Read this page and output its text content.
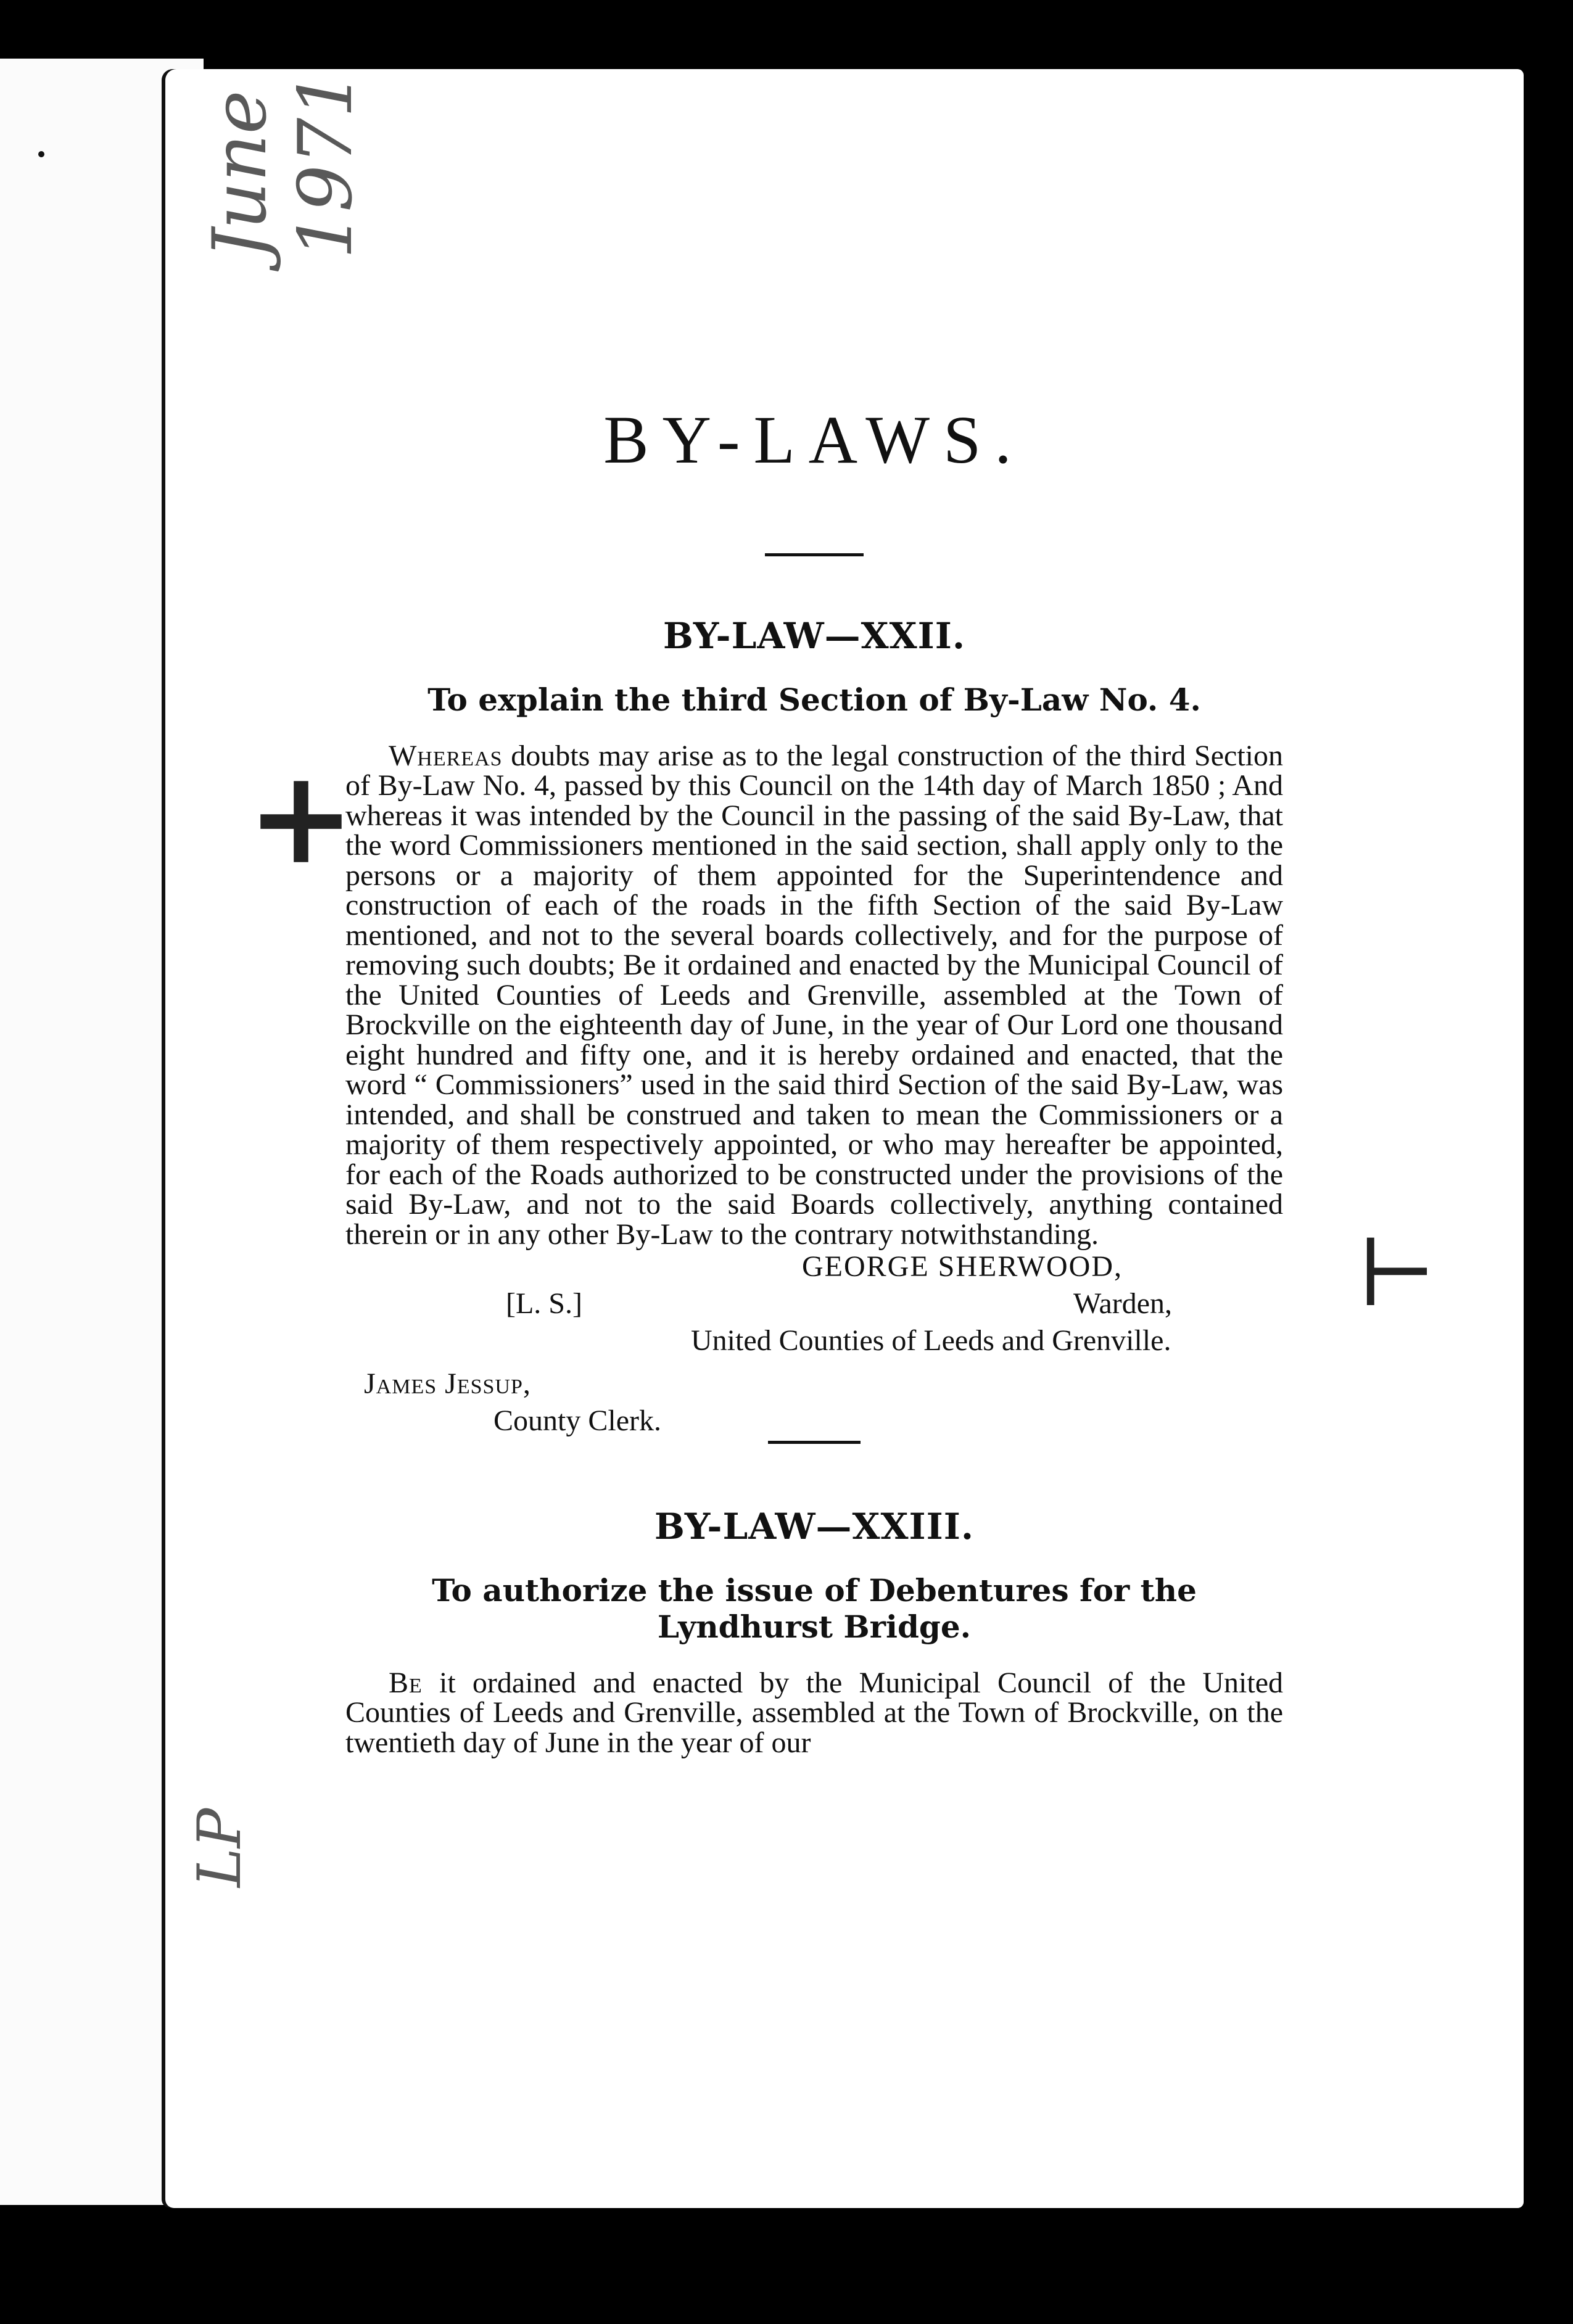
June 1971
LP
+
⊢
BY-LAWS.
BY-LAW—XXII.
To explain the third Section of By-Law No. 4.

Whereas doubts may arise as to the legal construction of the third Section of By-Law No. 4, passed by this Council on the 14th day of March 1850 ; And whereas it was intended by the Council in the passing of the said By-Law, that the word Commissioners mentioned in the said section, shall apply only to the persons or a majority of them appointed for the Superintendence and construction of each of the roads in the fifth Section of the said By-Law mentioned, and not to the several boards collectively, and for the purpose of removing such doubts; Be it ordained and enacted by the Municipal Council of the United Counties of Leeds and Grenville, assembled at the Town of Brockville on the eighteenth day of June, in the year of Our Lord one thousand eight hundred and fifty one, and it is hereby ordained and enacted, that the word “ Commissioners” used in the said third Section of the said By-Law, was intended, and shall be construed and taken to mean the Commissioners or a majority of them respectively appointed, or who may hereafter be appointed, for each of the Roads authorized to be constructed under the provisions of the said By-Law, and not to the said Boards collectively, anything contained therein or in any other By-Law to the contrary notwithstanding.

GEORGE SHERWOOD,
[L. S.]	Warden,
United Counties of Leeds and Grenville.
James Jessup,
County Clerk.
BY-LAW—XXIII.
To authorize the issue of Debentures for the Lyndhurst Bridge.

Be it ordained and enacted by the Municipal Council of the United Counties of Leeds and Grenville, assembled at the Town of Brockville, on the twentieth day of June in the year of our
